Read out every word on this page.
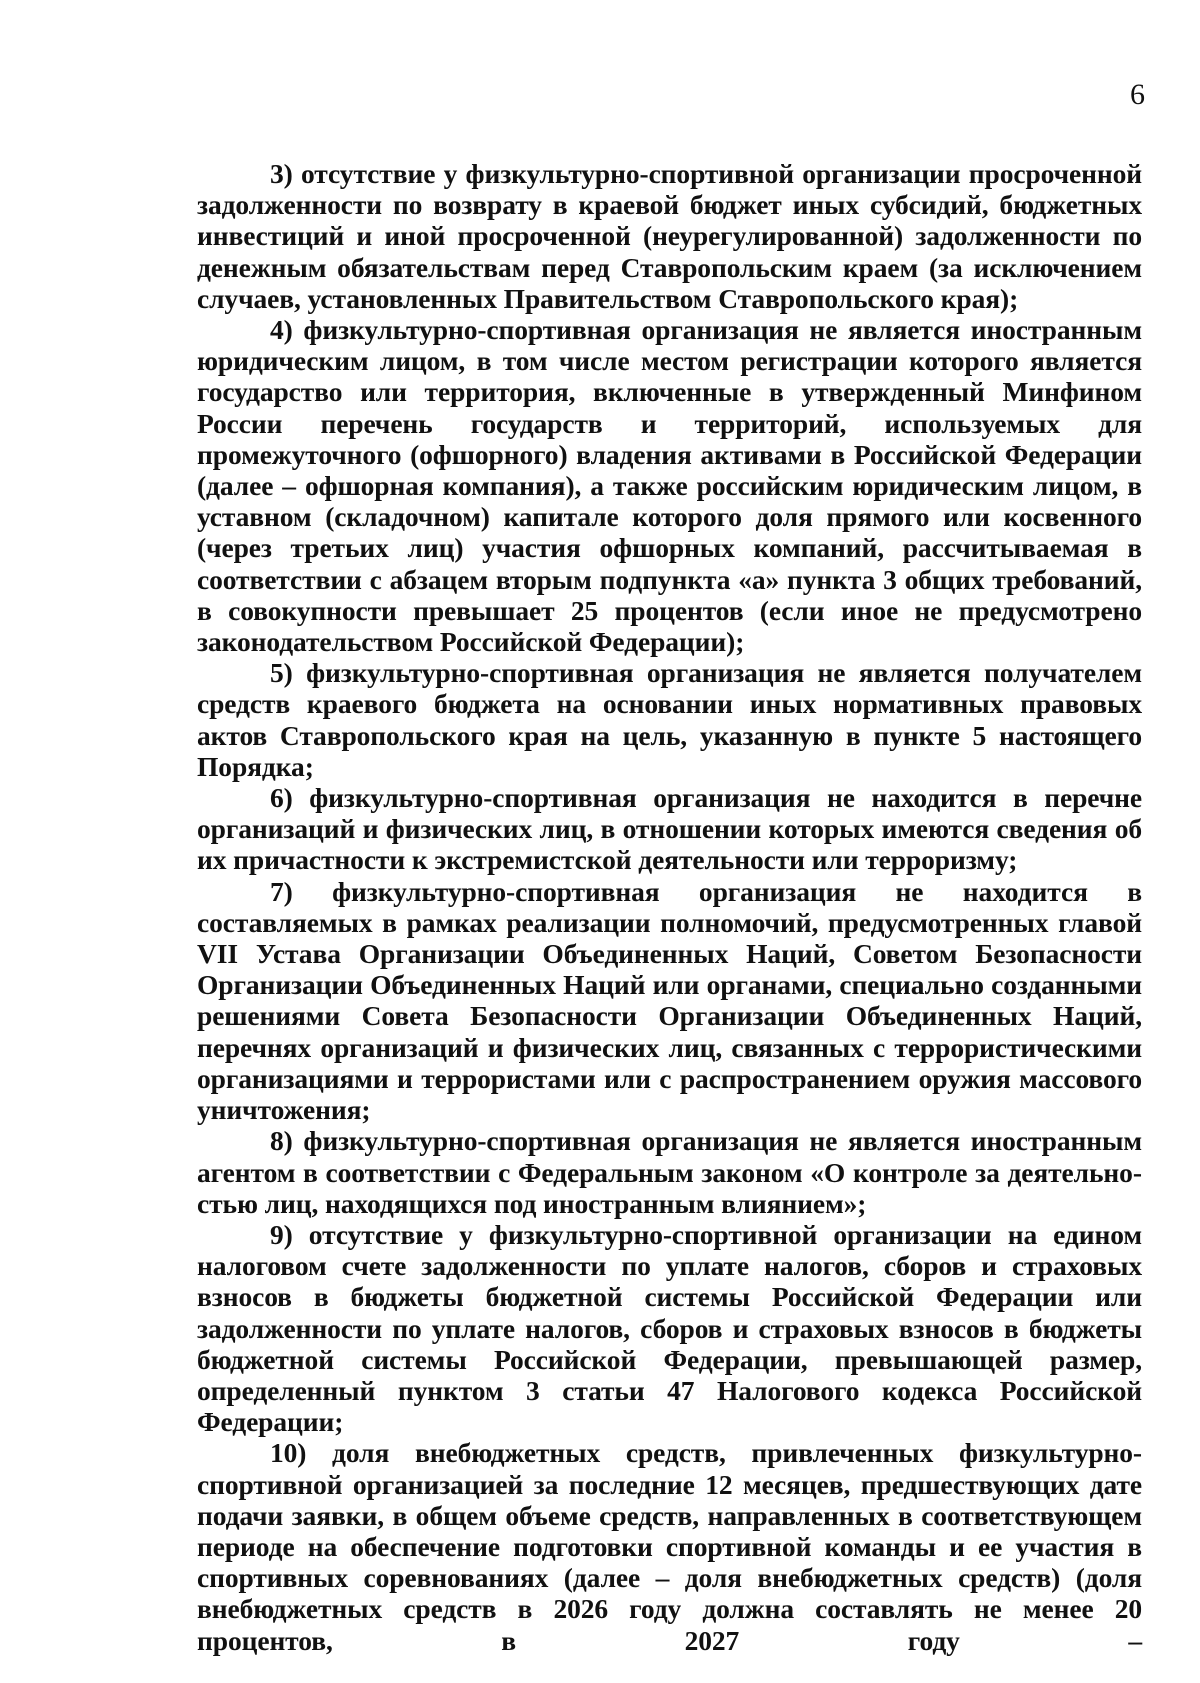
6

3) отсутствие у физкультурно-спортивной организации просроченной задолженности по возврату в краевой бюджет иных субсидий, бюджетных инвестиций и иной просроченной (неурегулированной) задолженности по денежным обязательствам перед Ставропольским краем (за исключением случаев, установленных Правительством Ставропольского края);

4) физкультурно-спортивная организация не является иностранным юридическим лицом, в том числе местом регистрации которого является государство или территория, включенные в утвержденный Минфином России перечень государств и территорий, используемых для промежуточного (офшорного) владения активами в Российской Федерации (далее – офшорная компания), а также российским юридическим лицом, в уставном (складочном) капитале которого доля прямого или косвенного (через третьих лиц) участия офшорных компаний, рассчитываемая в соответствии с абзацем вторым подпункта «а» пункта 3 общих требований, в совокупности превышает 25 процентов (если иное не предусмотрено законодательством Российской Федерации);

5) физкультурно-спортивная организация не является получателем средств краевого бюджета на основании иных нормативных правовых актов Ставропольского края на цель, указанную в пункте 5 настоящего Порядка;

6) физкультурно-спортивная организация не находится в перечне организаций и физических лиц, в отношении которых имеются сведения об их причастности к экстремистской деятельности или терроризму;

7) физкультурно-спортивная организация не находится в составляемых в рамках реализации полномочий, предусмотренных главой VII Устава Организации Объединенных Наций, Советом Безопасности Организации Объединенных Наций или органами, специально созданными решениями Совета Безопасности Организации Объединенных Наций, перечнях организаций и физических лиц, связанных с террористическими организациями и террористами или с распространением оружия массового уничтожения;

8) физкультурно-спортивная организация не является иностранным агентом в соответствии с Федеральным законом «О контроле за деятельностью лиц, находящихся под иностранным влиянием»;

9) отсутствие у физкультурно-спортивной организации на едином налоговом счете задолженности по уплате налогов, сборов и страховых взносов в бюджеты бюджетной системы Российской Федерации или задолженности по уплате налогов, сборов и страховых взносов в бюджеты бюджетной системы Российской Федерации, превышающей размер, определенный пунктом 3 статьи 47 Налогового кодекса Российской Федерации;

10) доля внебюджетных средств, привлеченных физкультурно-спортивной организацией за последние 12 месяцев, предшествующих дате подачи заявки, в общем объеме средств, направленных в соответствующем периоде на обеспечение подготовки спортивной команды и ее участия в спортивных соревнованиях (далее – доля внебюджетных средств) (доля внебюджетных средств в 2026 году должна составлять не менее 20 процентов, в 2027 году –
